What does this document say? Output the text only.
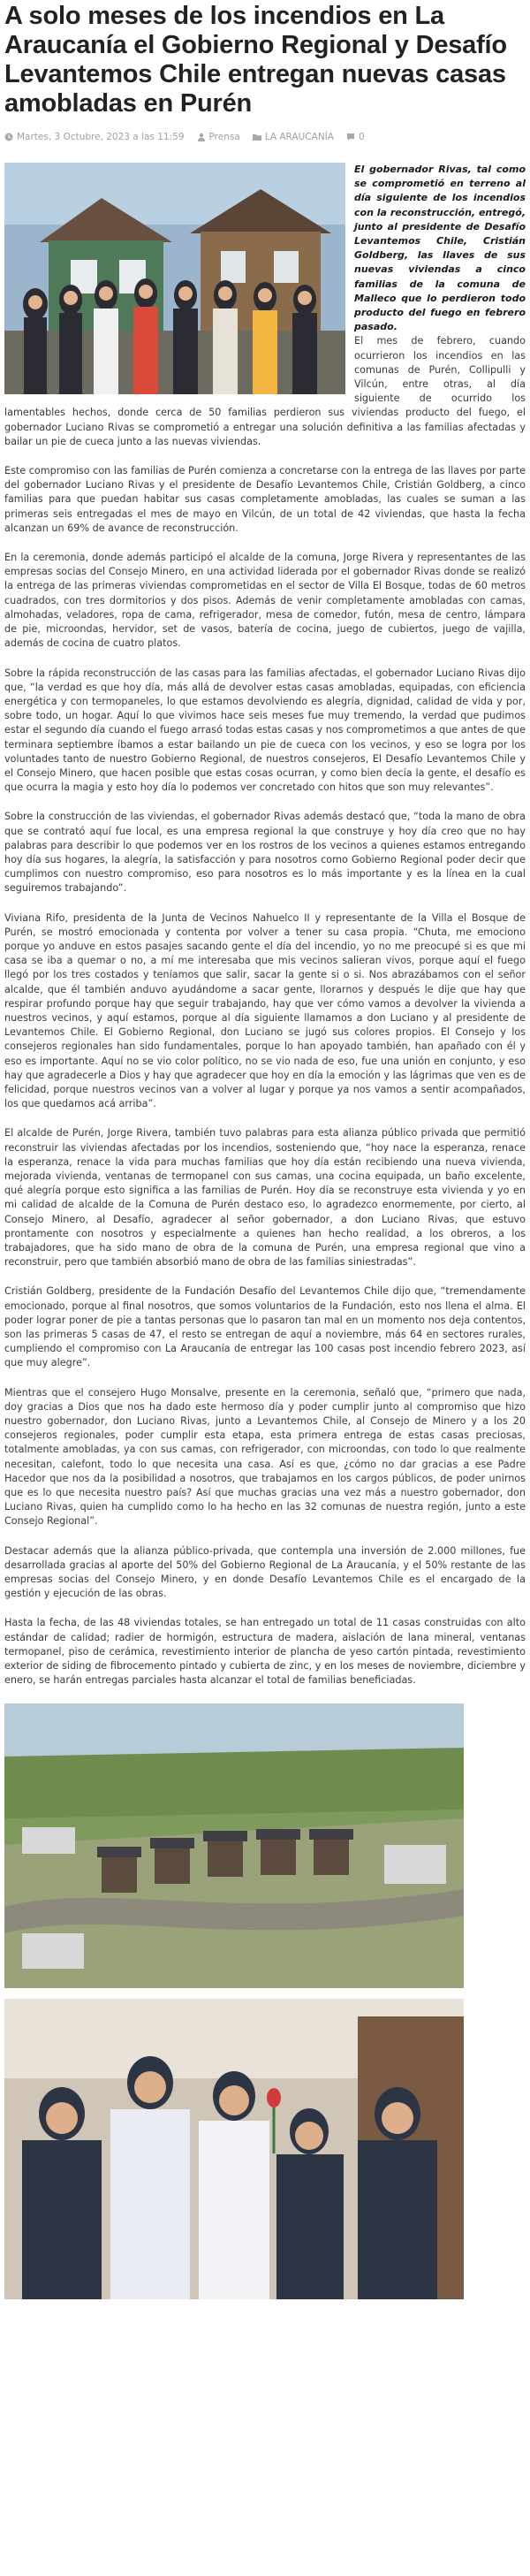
A solo meses de los incendios en La Araucanía el Gobierno Regional y Desafío Levantemos Chile entregan nuevas casas amobladas en Purén
Martes, 3 Octubre, 2023 a las 11:59	Prensa	LA ARAUCANÍA	0

El gobernador Rivas, tal como se comprometió en terreno al día siguiente de los incendios con la reconstrucción, entregó, junto al presidente de Desafío Levantemos Chile, Cristián Goldberg, las llaves de sus nuevas viviendas a cinco familias de la comuna de Malleco que lo perdieron todo producto del fuego en febrero pasado.

El mes de febrero, cuando ocurrieron los incendios en las comunas de Purén, Collipulli y Vilcún, entre otras, al día siguiente de ocurrido los lamentables hechos, donde cerca de 50 familias perdieron sus viviendas producto del fuego, el gobernador Luciano Rivas se comprometió a entregar una solución definitiva a las familias afectadas y bailar un pie de cueca junto a las nuevas viviendas.

Este compromiso con las familias de Purén comienza a concretarse con la entrega de las llaves por parte del gobernador Luciano Rivas y el presidente de Desafío Levantemos Chile, Cristián Goldberg, a cinco familias para que puedan habitar sus casas completamente amobladas, las cuales se suman a las primeras seis entregadas el mes de mayo en Vilcún, de un total de 42 viviendas, que hasta la fecha alcanzan un 69% de avance de reconstrucción.

En la ceremonia, donde además participó el alcalde de la comuna, Jorge Rivera y representantes de las empresas socias del Consejo Minero, en una actividad liderada por el gobernador Rivas donde se realizó la entrega de las primeras viviendas comprometidas en el sector de Villa El Bosque, todas de 60 metros cuadrados, con tres dormitorios y dos pisos. Además de venir completamente amobladas con camas, almohadas, veladores, ropa de cama, refrigerador, mesa de comedor, futón, mesa de centro, lámpara de pie, microondas, hervidor, set de vasos, batería de cocina, juego de cubiertos, juego de vajilla, además de cocina de cuatro platos.

Sobre la rápida reconstrucción de las casas para las familias afectadas, el gobernador Luciano Rivas dijo que, “la verdad es que hoy día, más allá de devolver estas casas amobladas, equipadas, con eficiencia energética y con termopaneles, lo que estamos devolviendo es alegría, dignidad, calidad de vida y por, sobre todo, un hogar. Aquí lo que vivimos hace seis meses fue muy tremendo, la verdad que pudimos estar el segundo día cuando el fuego arrasó todas estas casas y nos comprometimos a que antes de que terminara septiembre íbamos a estar bailando un pie de cueca con los vecinos, y eso se logra por los voluntades tanto de nuestro Gobierno Regional, de nuestros consejeros, El Desafío Levantemos Chile y el Consejo Minero, que hacen posible que estas cosas ocurran, y como bien decía la gente, el desafío es que ocurra la magia y esto hoy día lo podemos ver concretado con hitos que son muy relevantes”.

Sobre la construcción de las viviendas, el gobernador Rivas además destacó que, “toda la mano de obra que se contrató aquí fue local, es una empresa regional la que construye y hoy día creo que no hay palabras para describir lo que podemos ver en los rostros de los vecinos a quienes estamos entregando hoy día sus hogares, la alegría, la satisfacción y para nosotros como Gobierno Regional poder decir que cumplimos con nuestro compromiso, eso para nosotros es lo más importante y es la línea en la cual seguiremos trabajando”.

Viviana Rifo, presidenta de la Junta de Vecinos Nahuelco II y representante de la Villa el Bosque de Purén, se mostró emocionada y contenta por volver a tener su casa propia. “Chuta, me emociono porque yo anduve en estos pasajes sacando gente el día del incendio, yo no me preocupé si es que mi casa se iba a quemar o no, a mí me interesaba que mis vecinos salieran vivos, porque aquí el fuego llegó por los tres costados y teníamos que salir, sacar la gente si o si. Nos abrazábamos con el señor alcalde, que él también anduvo ayudándome a sacar gente, llorarnos y después le dije que hay que respirar profundo porque hay que seguir trabajando, hay que ver cómo vamos a devolver la vivienda a nuestros vecinos, y aquí estamos, porque al día siguiente llamamos a don Luciano y al presidente de Levantemos Chile. El Gobierno Regional, don Luciano se jugó sus colores propios. El Consejo y los consejeros regionales han sido fundamentales, porque lo han apoyado también, han apañado con él y eso es importante. Aquí no se vio color político, no se vio nada de eso, fue una unión en conjunto, y eso hay que agradecerle a Dios y hay que agradecer que hoy en día la emoción y las lágrimas que ven es de felicidad, porque nuestros vecinos van a volver al lugar y porque ya nos vamos a sentir acompañados, los que quedamos acá arriba”.

El alcalde de Purén, Jorge Rivera, también tuvo palabras para esta alianza público privada que permitió reconstruir las viviendas afectadas por los incendios, sosteniendo que, “hoy nace la esperanza, renace la esperanza, renace la vida para muchas familias que hoy día están recibiendo una nueva vivienda, mejorada vivienda, ventanas de termopanel con sus camas, una cocina equipada, un baño excelente, qué alegría porque esto significa a las familias de Purén. Hoy día se reconstruye esta vivienda y yo en mi calidad de alcalde de la Comuna de Purén destaco eso, lo agradezco enormemente, por cierto, al Consejo Minero, al Desafío, agradecer al señor gobernador, a don Luciano Rivas, que estuvo prontamente con nosotros y especialmente a quienes han hecho realidad, a los obreros, a los trabajadores, que ha sido mano de obra de la comuna de Purén, una empresa regional que vino a reconstruir, pero que también absorbió mano de obra de las familias siniestradas”.

Cristián Goldberg, presidente de la Fundación Desafío del Levantemos Chile dijo que, “tremendamente emocionado, porque al final nosotros, que somos voluntarios de la Fundación, esto nos llena el alma. El poder lograr poner de pie a tantas personas que lo pasaron tan mal en un momento nos deja contentos, son las primeras 5 casas de 47, el resto se entregan de aquí a noviembre, más 64 en sectores rurales, cumpliendo el compromiso con La Araucanía de entregar las 100 casas post incendio febrero 2023, así que muy alegre”.

Mientras que el consejero Hugo Monsalve, presente en la ceremonia, señaló que, “primero que nada, doy gracias a Dios que nos ha dado este hermoso día y poder cumplir junto al compromiso que hizo nuestro gobernador, don Luciano Rivas, junto a Levantemos Chile, al Consejo de Minero y a los 20 consejeros regionales, poder cumplir esta etapa, esta primera entrega de estas casas preciosas, totalmente amobladas, ya con sus camas, con refrigerador, con microondas, con todo lo que realmente necesitan, calefont, todo lo que necesita una casa. Así es que, ¿cómo no dar gracias a ese Padre Hacedor que nos da la posibilidad a nosotros, que trabajamos en los cargos públicos, de poder unirnos que es lo que necesita nuestro país? Así que muchas gracias una vez más a nuestro gobernador, don Luciano Rivas, quien ha cumplido como lo ha hecho en las 32 comunas de nuestra región, junto a este Consejo Regional”.

Destacar además que la alianza público-privada, que contempla una inversión de 2.000 millones, fue desarrollada gracias al aporte del 50% del Gobierno Regional de La Araucanía, y el 50% restante de las empresas socias del Consejo Minero, y en donde Desafío Levantemos Chile es el encargado de la gestión y ejecución de las obras.

Hasta la fecha, de las 48 viviendas totales, se han entregado un total de 11 casas construidas con alto estándar de calidad; radier de hormigón, estructura de madera, aislación de lana mineral, ventanas termopanel, piso de cerámica, revestimiento interior de plancha de yeso cartón pintada, revestimiento exterior de siding de fibrocemento pintado y cubierta de zinc, y en los meses de noviembre, diciembre y enero, se harán entregas parciales hasta alcanzar el total de familias beneficiadas.
